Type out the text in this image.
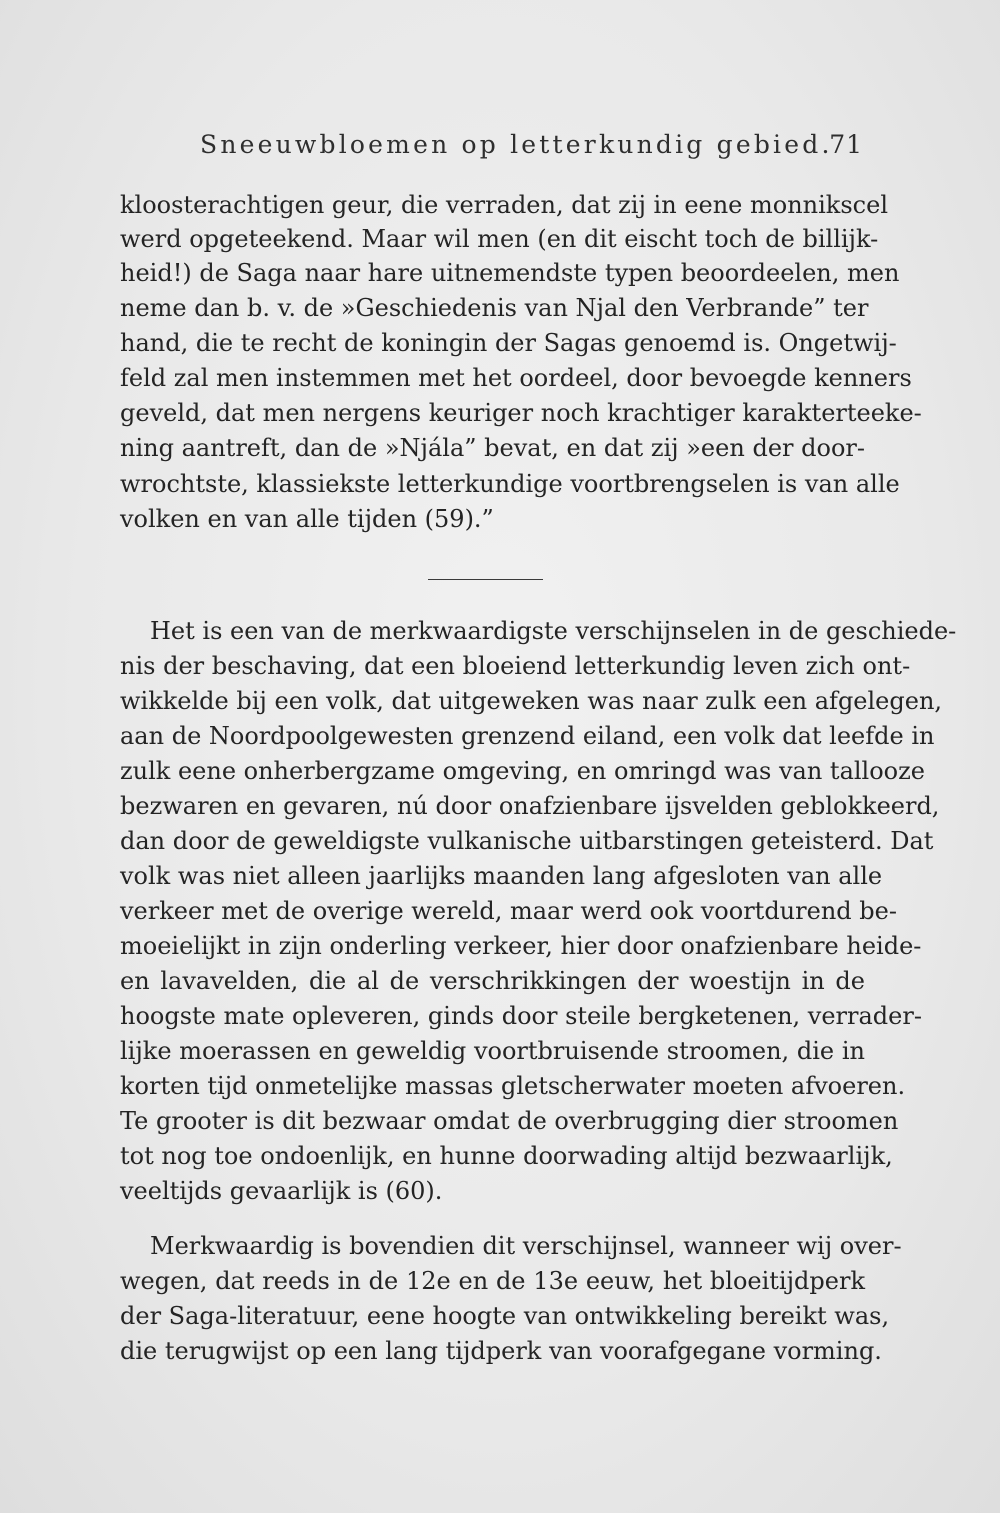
Sneeuwbloemen op letterkundig gebied.
71
kloosterachtigen geur, die verraden, dat zij in eene monnikscel
werd opgeteekend. Maar wil men (en dit eischt toch de billijk-
heid!) de Saga naar hare uitnemendste typen beoordeelen, men
neme dan b. v. de »Geschiedenis van Njal den Verbrande” ter
hand, die te recht de koningin der Sagas genoemd is. Ongetwij-
feld zal men instemmen met het oordeel, door bevoegde kenners
geveld, dat men nergens keuriger noch krachtiger karakterteeke-
ning aantreft, dan de »Njála” bevat, en dat zij »een der door-
wrochtste, klassiekste letterkundige voortbrengselen is van alle
volken en van alle tijden (59).”
Het is een van de merkwaardigste verschijnselen in de geschiede-
nis der beschaving, dat een bloeiend letterkundig leven zich ont-
wikkelde bij een volk, dat uitgeweken was naar zulk een afgelegen,
aan de Noordpoolgewesten grenzend eiland, een volk dat leefde in
zulk eene onherbergzame omgeving, en omringd was van tallooze
bezwaren en gevaren, nú door onafzienbare ijsvelden geblokkeerd,
dan door de geweldigste vulkanische uitbarstingen geteisterd. Dat
volk was niet alleen jaarlijks maanden lang afgesloten van alle
verkeer met de overige wereld, maar werd ook voortdurend be-
moeielijkt in zijn onderling verkeer, hier door onafzienbare heide-
en lavavelden, die al de verschrikkingen der woestijn in de
hoogste mate opleveren, ginds door steile bergketenen, verrader-
lijke moerassen en geweldig voortbruisende stroomen, die in
korten tijd onmetelijke massas gletscherwater moeten afvoeren.
Te grooter is dit bezwaar omdat de overbrugging dier stroomen
tot nog toe ondoenlijk, en hunne doorwading altijd bezwaarlijk,
veeltijds gevaarlijk is (60).
Merkwaardig is bovendien dit verschijnsel, wanneer wij over-
wegen, dat reeds in de 12e en de 13e eeuw, het bloeitijdperk
der Saga-literatuur, eene hoogte van ontwikkeling bereikt was,
die terugwijst op een lang tijdperk van voorafgegane vorming.
